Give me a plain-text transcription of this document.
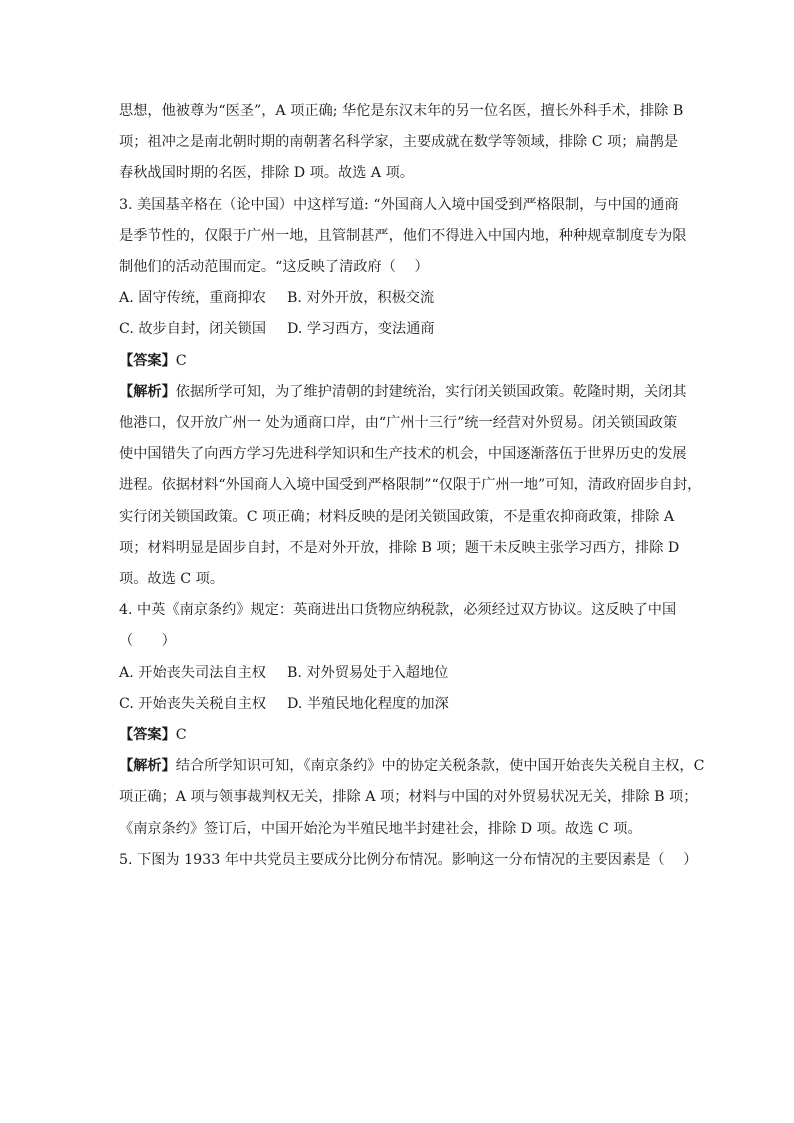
思想，他被尊为“医圣”，A 项正确; 华佗是东汉末年的另一位名医，擅长外科手术，排除 B
项；祖冲之是南北朝时期的南朝著名科学家，主要成就在数学等领域，排除 C 项；扁鹊是
春秋战国时期的名医，排除 D 项。故选 A 项。
3. 美国基辛格在（论中国）中这样写道: “外国商人入境中国受到严格限制，与中国的通商
是季节性的，仅限于广州一地，且管制甚严，他们不得进入中国内地，种种规章制度专为限
制他们的活动范围而定。“这反映了清政府（　 ）
A. 固守传统，重商抑农 B. 对外开放，积极交流
C. 故步自封，闭关锁国 D. 学习西方，变法通商
【答案】C
【解析】依据所学可知，为了维护清朝的封建统治，实行闭关锁国政策。乾隆时期，关闭其
他港口，仅开放广州一 处为通商口岸，由“广州十三行”统一经营对外贸易。闭关锁国政策
使中国错失了向西方学习先进科学知识和生产技术的机会，中国逐渐落伍于世界历史的发展
进程。依据材料“外国商人入境中国受到严格限制”“仅限于广州一地”可知，清政府固步自封，
实行闭关锁国政策。C 项正确；材料反映的是闭关锁国政策，不是重农抑商政策，排除 A
项；材料明显是固步自封，不是对外开放，排除 B 项；题干未反映主张学习西方，排除 D
项。故选 C 项。
4. 中英《南京条约》规定：英商进出口货物应纳税款，必须经过双方协议。这反映了中国
（　　）
A. 开始丧失司法自主权 B. 对外贸易处于入超地位
C. 开始丧失关税自主权 D. 半殖民地化程度的加深
【答案】C
【解析】结合所学知识可知，《南京条约》中的协定关税条款，使中国开始丧失关税自主权，C
项正确；A 项与领事裁判权无关，排除 A 项；材料与中国的对外贸易状况无关，排除 B 项；
《南京条约》签订后，中国开始沦为半殖民地半封建社会，排除 D 项。故选 C 项。
5. 下图为 1933 年中共党员主要成分比例分布情况。影响这一分布情况的主要因素是（　 ）
